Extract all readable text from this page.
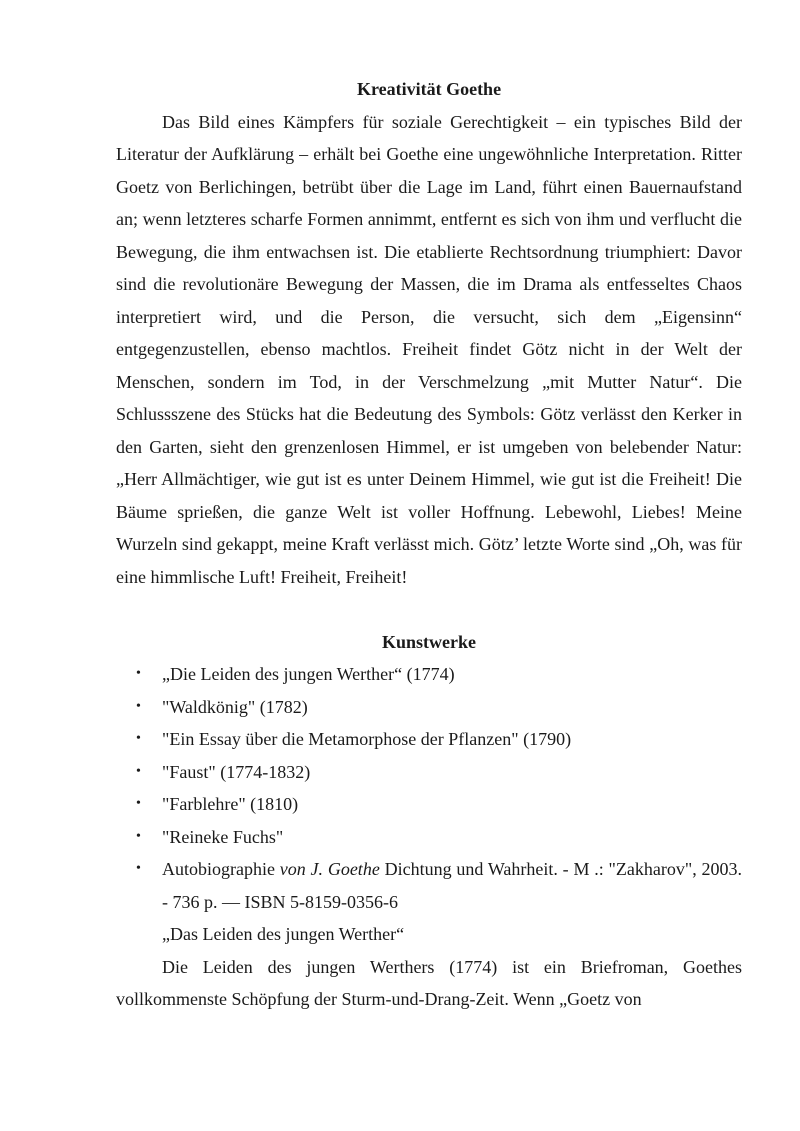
Kreativität Goethe

Das Bild eines Kämpfers für soziale Gerechtigkeit – ein typisches Bild der Literatur der Aufklärung – erhält bei Goethe eine ungewöhnliche Interpretation. Ritter Goetz von Berlichingen, betrübt über die Lage im Land, führt einen Bauernaufstand an; wenn letzteres scharfe Formen annimmt, entfernt es sich von ihm und verflucht die Bewegung, die ihm entwachsen ist. Die etablierte Rechtsordnung triumphiert: Davor sind die revolutionäre Bewegung der Massen, die im Drama als entfesseltes Chaos interpretiert wird, und die Person, die versucht, sich dem „Eigensinn“ entgegenzustellen, ebenso machtlos. Freiheit findet Götz nicht in der Welt der Menschen, sondern im Tod, in der Verschmelzung „mit Mutter Natur“. Die Schlussszene des Stücks hat die Bedeutung des Symbols: Götz verlässt den Kerker in den Garten, sieht den grenzenlosen Himmel, er ist umgeben von belebender Natur: „Herr Allmächtiger, wie gut ist es unter Deinem Himmel, wie gut ist die Freiheit! Die Bäume sprießen, die ganze Welt ist voller Hoffnung. Lebewohl, Liebes! Meine Wurzeln sind gekappt, meine Kraft verlässt mich. Götz’ letzte Worte sind „Oh, was für eine himmlische Luft! Freiheit, Freiheit!

Kunstwerke

• „Die Leiden des jungen Werther“ (1774)
• "Waldkönig" (1782)
• "Ein Essay über die Metamorphose der Pflanzen" (1790)
• "Faust" (1774-1832)
• "Farblehre" (1810)
• "Reineke Fuchs"
• Autobiographie von J. Goethe Dichtung und Wahrheit. - M .: "Zakharov", 2003. - 736 p. — ISBN 5-8159-0356-6

„Das Leiden des jungen Werther“

Die Leiden des jungen Werthers (1774) ist ein Briefroman, Goethes vollkommenste Schöpfung der Sturm-und-Drang-Zeit. Wenn „Goetz von
